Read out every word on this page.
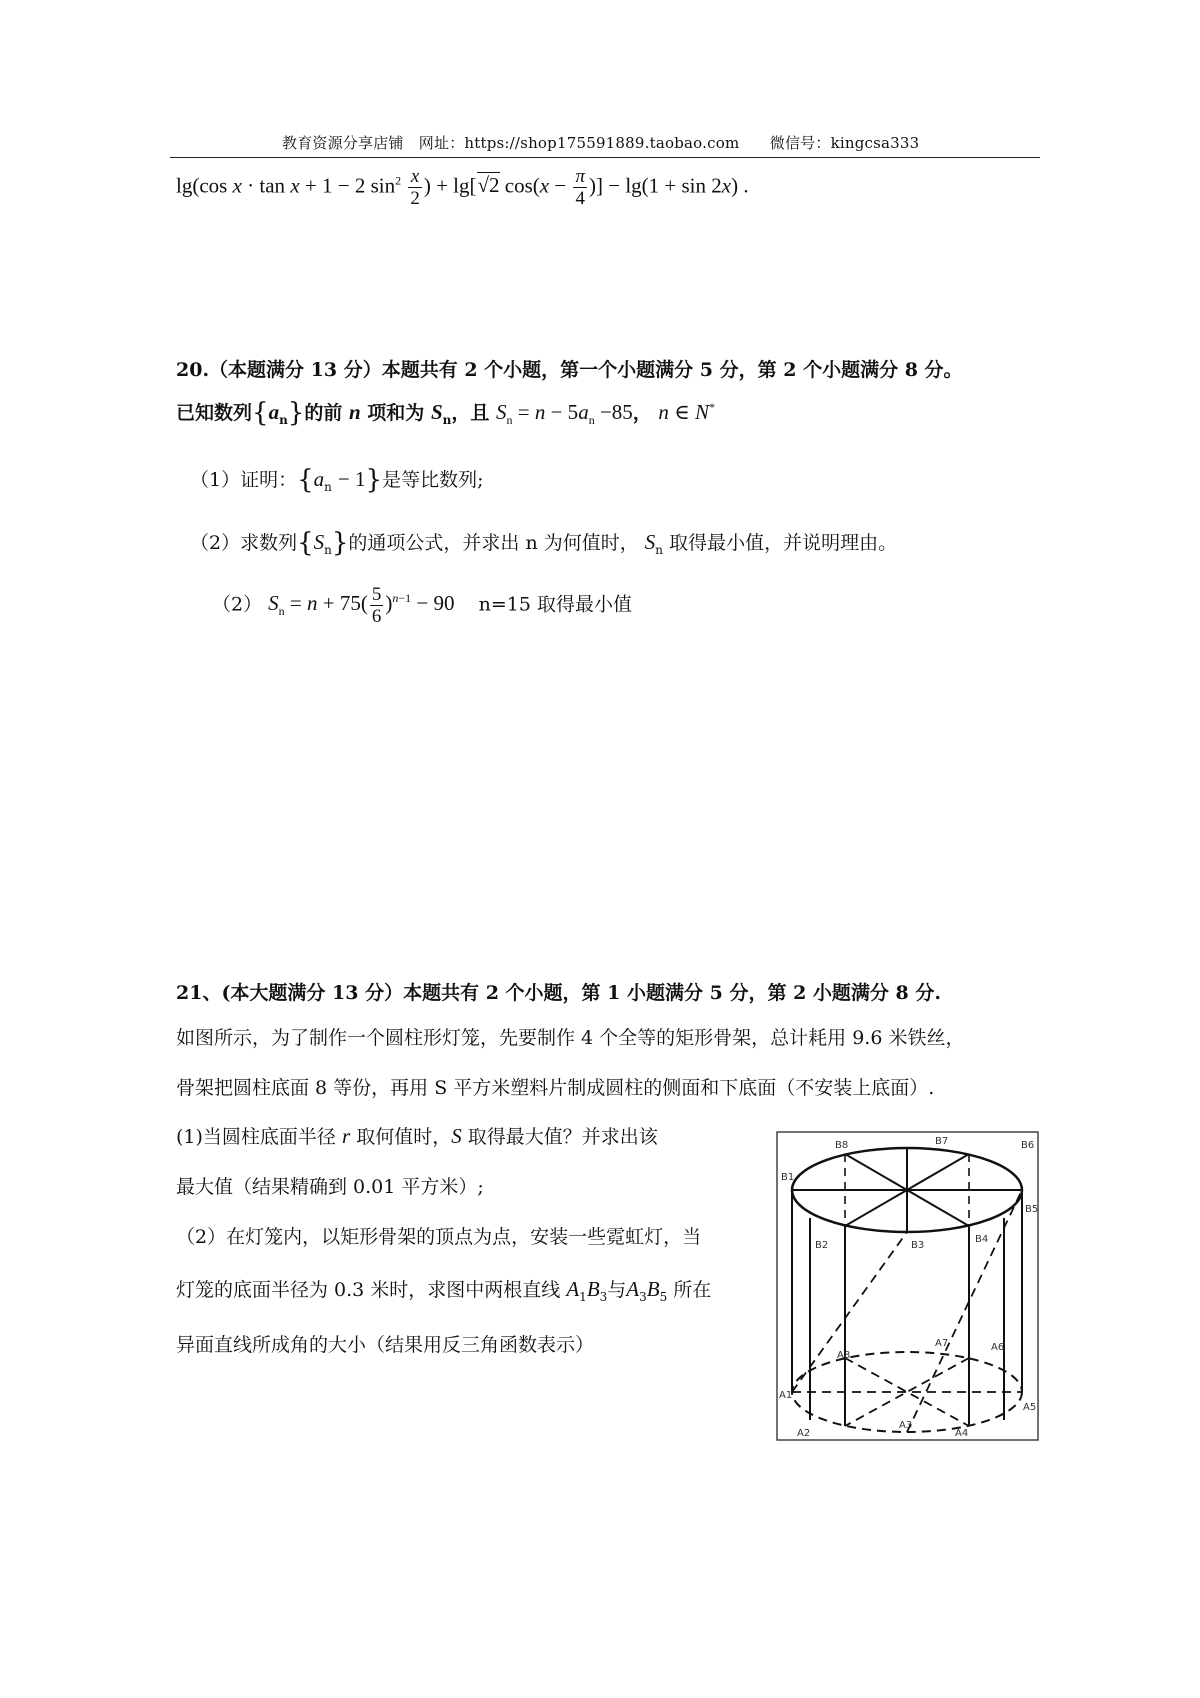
教育资源分享店铺　网址：https://shop175591889.taobao.com　　微信号：kingcsa333
lg(cos x · tan x + 1 − 2 $\sin^2 \frac{x}{2}$ ) + lg[√2 $\cos(x - \frac{\pi}{4}$ )] − lg(1 + sin 2x) .
20.（本题满分 13 分）本题共有 2 个小题，第一个小题满分 5 分，第 2 个小题满分 8 分。
已知数列$\{a_n\}$的前 n 项和为 $S_n$，且 $S_n = n - 5a_n -85$， n ∈ N*
（1）证明：$\{a_n - 1\}$是等比数列;
（2）求数列$\{S_n\}$的通项公式，并求出 n 为何值时， $S_n$ 取得最小值，并说明理由。
（2） $S_n = n + 75( \frac{5}{6} )^{n-1} - 90$ n=15 取得最小值
21、(本大题满分 13 分）本题共有 2 个小题，第 1 小题满分 5 分，第 2 小题满分 8 分.
如图所示，为了制作一个圆柱形灯笼，先要制作 4 个全等的矩形骨架，总计耗用 9.6 米铁丝，
骨架把圆柱底面 8 等份，再用 S 平方米塑料片制成圆柱的侧面和下底面（不安装上底面）.
(1)当圆柱底面半径 r 取何值时，S 取得最大值？并求出该
最大值（结果精确到 0.01 平方米）;
（2）在灯笼内，以矩形骨架的顶点为点，安装一些霓虹灯，当
灯笼的底面半径为 0.3 米时，求图中两根直线 $A_1B_3$与$A_3B_5$ 所在
异面直线所成角的大小（结果用反三角函数表示）
B1
B2	B3
B4
B5
B6
B7
B8
A1
A2
A3
A4
A5
A6
A7
A8
